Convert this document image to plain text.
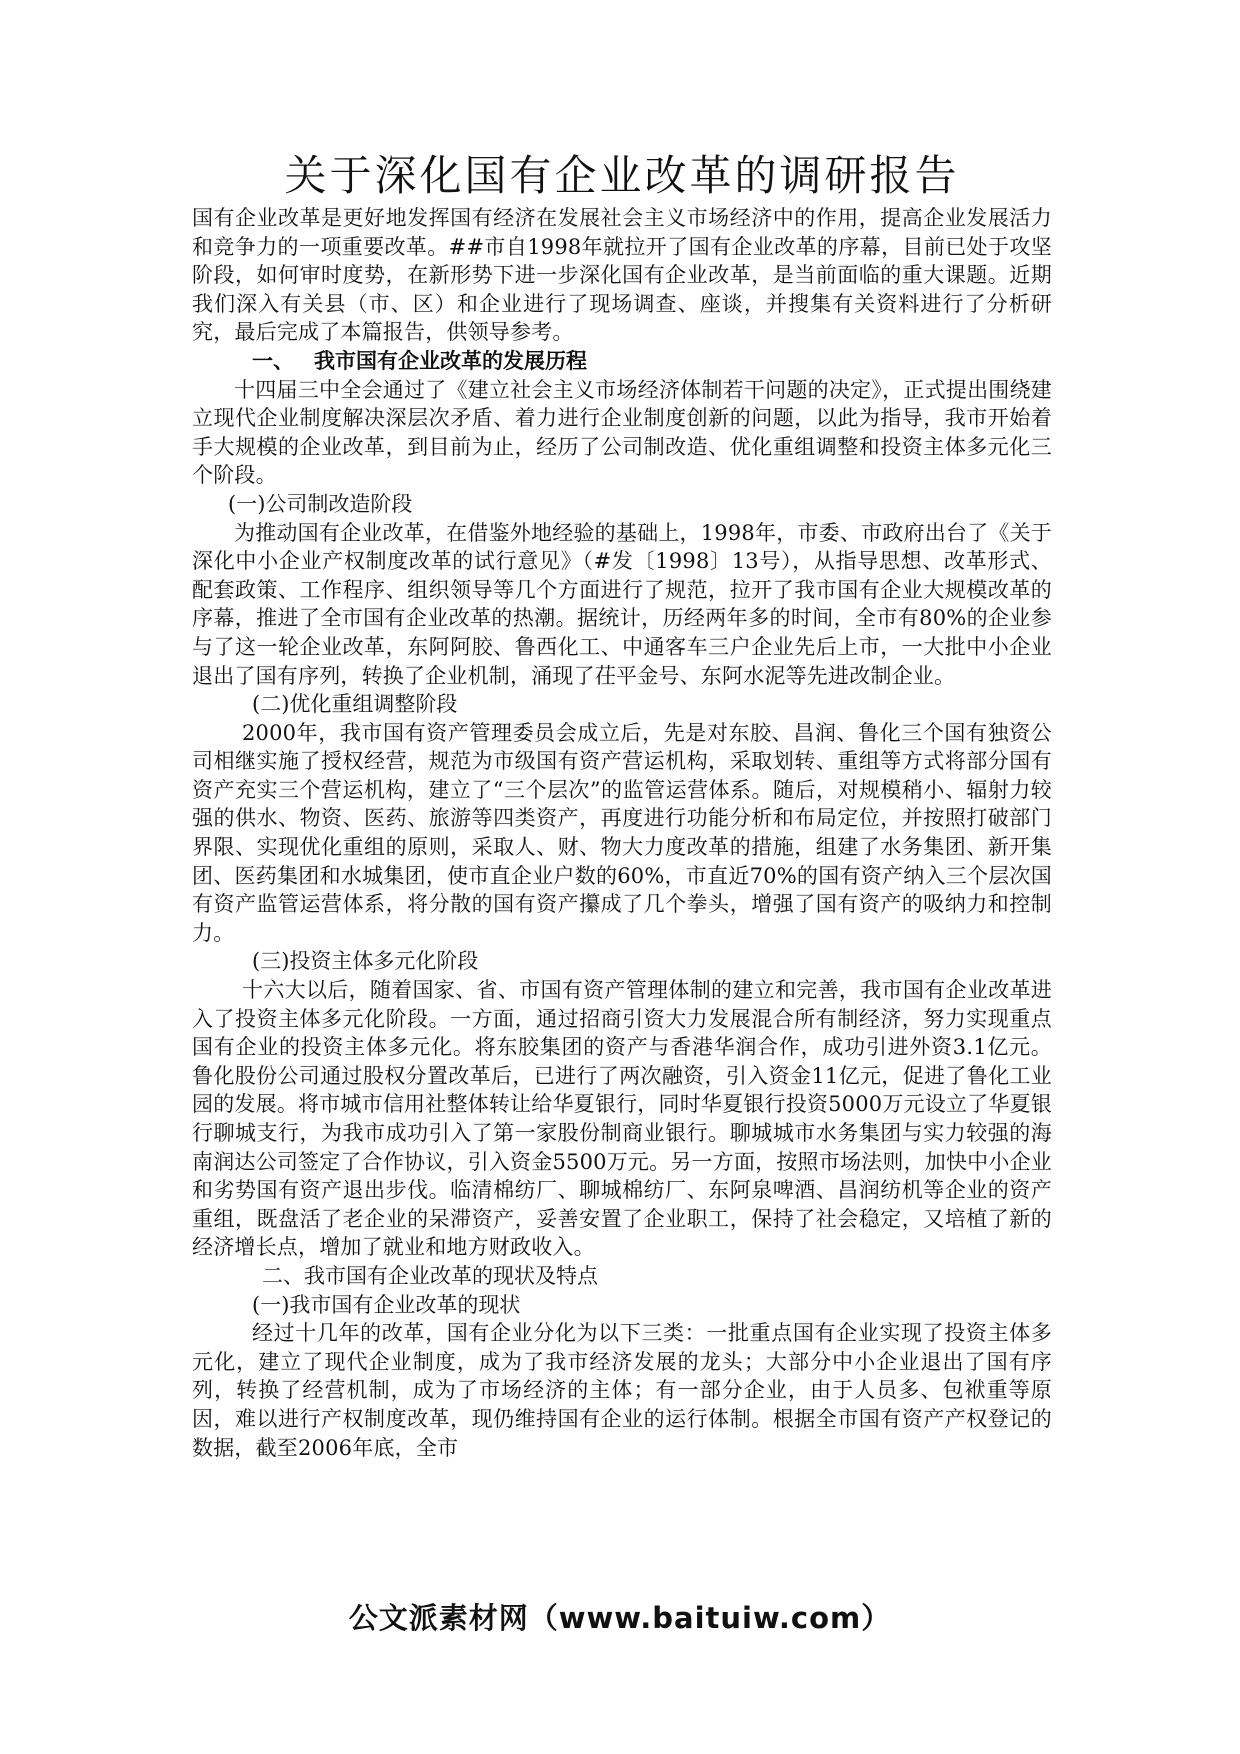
关于深化国有企业改革的调研报告

国有企业改革是更好地发挥国有经济在发展社会主义市场经济中的作用，提高企业发展活力和竞争力的一项重要改革。##市自1998年就拉开了国有企业改革的序幕，目前已处于攻坚阶段，如何审时度势，在新形势下进一步深化国有企业改革，是当前面临的重大课题。近期我们深入有关县（市、区）和企业进行了现场调查、座谈，并搜集有关资料进行了分析研究，最后完成了本篇报告，供领导参考。

一、 我市国有企业改革的发展历程

十四届三中全会通过了《建立社会主义市场经济体制若干问题的决定》，正式提出围绕建立现代企业制度解决深层次矛盾、着力进行企业制度创新的问题，以此为指导，我市开始着手大规模的企业改革，到目前为止，经历了公司制改造、优化重组调整和投资主体多元化三个阶段。

(一)公司制改造阶段

为推动国有企业改革，在借鉴外地经验的基础上，1998年，市委、市政府出台了《关于深化中小企业产权制度改革的试行意见》（#发〔1998〕13号），从指导思想、改革形式、配套政策、工作程序、组织领导等几个方面进行了规范，拉开了我市国有企业大规模改革的序幕，推进了全市国有企业改革的热潮。据统计，历经两年多的时间，全市有80%的企业参与了这一轮企业改革，东阿阿胶、鲁西化工、中通客车三户企业先后上市，一大批中小企业退出了国有序列，转换了企业机制，涌现了茌平金号、东阿水泥等先进改制企业。

(二)优化重组调整阶段

2000年，我市国有资产管理委员会成立后，先是对东胶、昌润、鲁化三个国有独资公司相继实施了授权经营，规范为市级国有资产营运机构，采取划转、重组等方式将部分国有资产充实三个营运机构，建立了“三个层次”的监管运营体系。随后，对规模稍小、辐射力较强的供水、物资、医药、旅游等四类资产，再度进行功能分析和布局定位，并按照打破部门界限、实现优化重组的原则，采取人、财、物大力度改革的措施，组建了水务集团、新开集团、医药集团和水城集团，使市直企业户数的60%，市直近70%的国有资产纳入三个层次国有资产监管运营体系，将分散的国有资产攥成了几个拳头，增强了国有资产的吸纳力和控制力。

(三)投资主体多元化阶段

十六大以后，随着国家、省、市国有资产管理体制的建立和完善，我市国有企业改革进入了投资主体多元化阶段。一方面，通过招商引资大力发展混合所有制经济，努力实现重点国有企业的投资主体多元化。将东胶集团的资产与香港华润合作，成功引进外资3.1亿元。鲁化股份公司通过股权分置改革后，已进行了两次融资，引入资金11亿元，促进了鲁化工业园的发展。将市城市信用社整体转让给华夏银行，同时华夏银行投资5000万元设立了华夏银行聊城支行，为我市成功引入了第一家股份制商业银行。聊城城市水务集团与实力较强的海南润达公司签定了合作协议，引入资金5500万元。另一方面，按照市场法则，加快中小企业和劣势国有资产退出步伐。临清棉纺厂、聊城棉纺厂、东阿泉啤酒、昌润纺机等企业的资产重组，既盘活了老企业的呆滞资产，妥善安置了企业职工，保持了社会稳定，又培植了新的经济增长点，增加了就业和地方财政收入。

二、我市国有企业改革的现状及特点

(一)我市国有企业改革的现状

经过十几年的改革，国有企业分化为以下三类：一批重点国有企业实现了投资主体多元化，建立了现代企业制度，成为了我市经济发展的龙头；大部分中小企业退出了国有序列，转换了经营机制，成为了市场经济的主体；有一部分企业，由于人员多、包袱重等原因，难以进行产权制度改革，现仍维持国有企业的运行体制。根据全市国有资产产权登记的数据，截至2006年底，全市

公文派素材网（www.baituiw.com）
